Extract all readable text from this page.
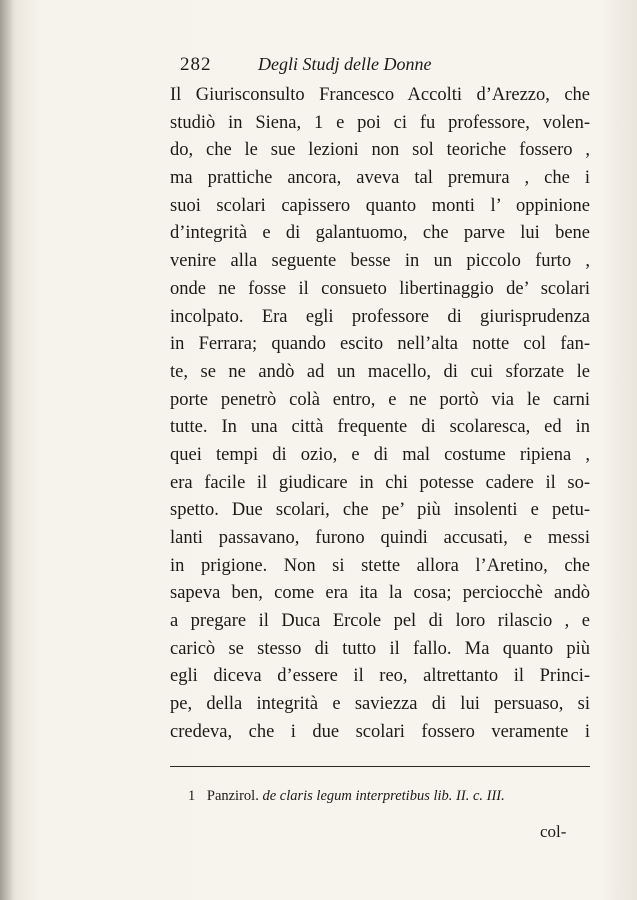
282	Degli Studj delle Donne
Il Giurisconsulto Francesco Accolti d’Arezzo, che
studiò in Siena, 1 e poi ci fu professore, volen-
do, che le sue lezioni non sol teoriche fossero ,
ma prattiche ancora, aveva tal premura , che i
suoi scolari capissero quanto monti l’ oppinione
d’integrità e di galantuomo, che parve lui bene
venire alla seguente besse in un piccolo furto ,
onde ne fosse il consueto libertinaggio de’ scolari
incolpato. Era egli professore di giurisprudenza
in Ferrara; quando escito nell’alta notte col fan-
te, se ne andò ad un macello, di cui sforzate le
porte penetrò colà entro, e ne portò via le carni
tutte. In una città frequente di scolaresca, ed in
quei tempi di ozio, e di mal costume ripiena ,
era facile il giudicare in chi potesse cadere il so-
spetto. Due scolari, che pe’ più insolenti e petu-
lanti passavano, furono quindi accusati, e messi
in prigione. Non si stette allora l’Aretino, che
sapeva ben, come era ita la cosa; perciocchè andò
a pregare il Duca Ercole pel di loro rilascio , e
caricò se stesso di tutto il fallo. Ma quanto più
egli diceva d’essere il reo, altrettanto il Princi-
pe, della integrità e saviezza di lui persuaso, si
credeva, che i due scolari fossero veramente i
1 Panzirol. de claris legum interpretibus lib. II. c. III.
col-
